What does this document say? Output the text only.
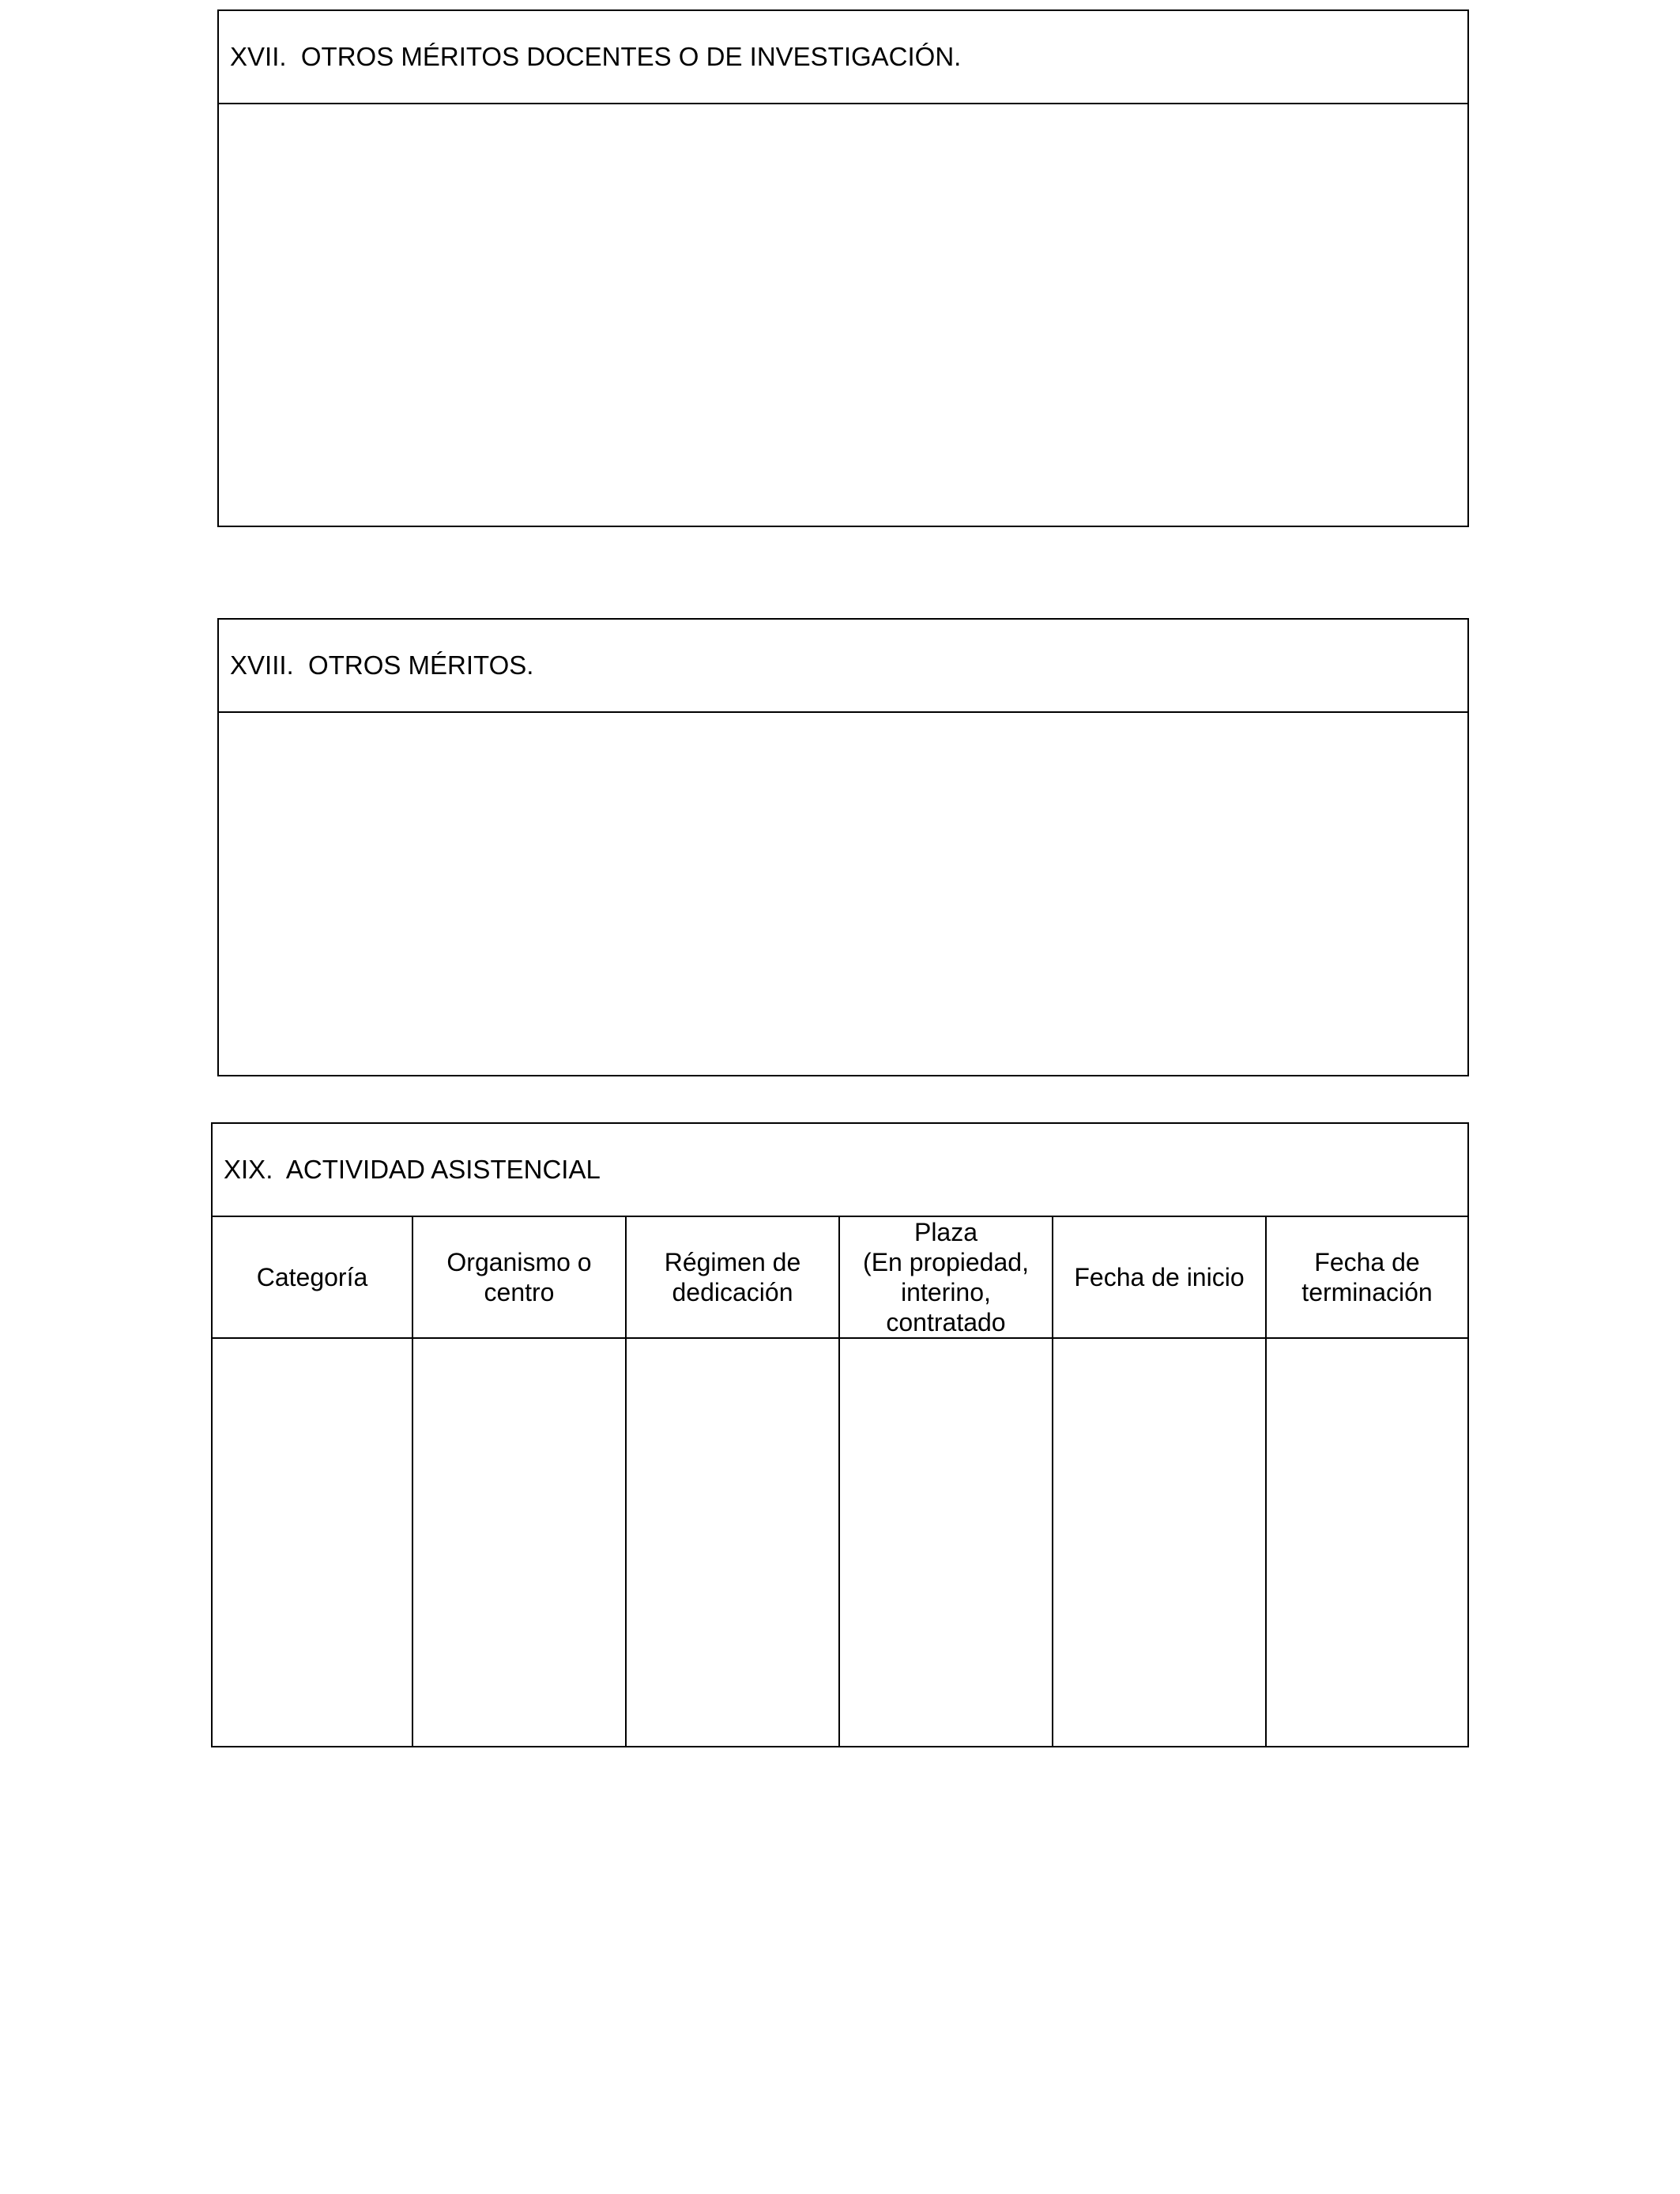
XVII.  OTROS MÉRITOS DOCENTES O DE INVESTIGACIÓN.
XVIII.  OTROS MÉRITOS.
XIX.  ACTIVIDAD ASISTENCIAL
Categoría
Organismo o
centro
Régimen de
dedicación
Plaza
(En propiedad,
interino,
contratado
Fecha de inicio
Fecha de
terminación
